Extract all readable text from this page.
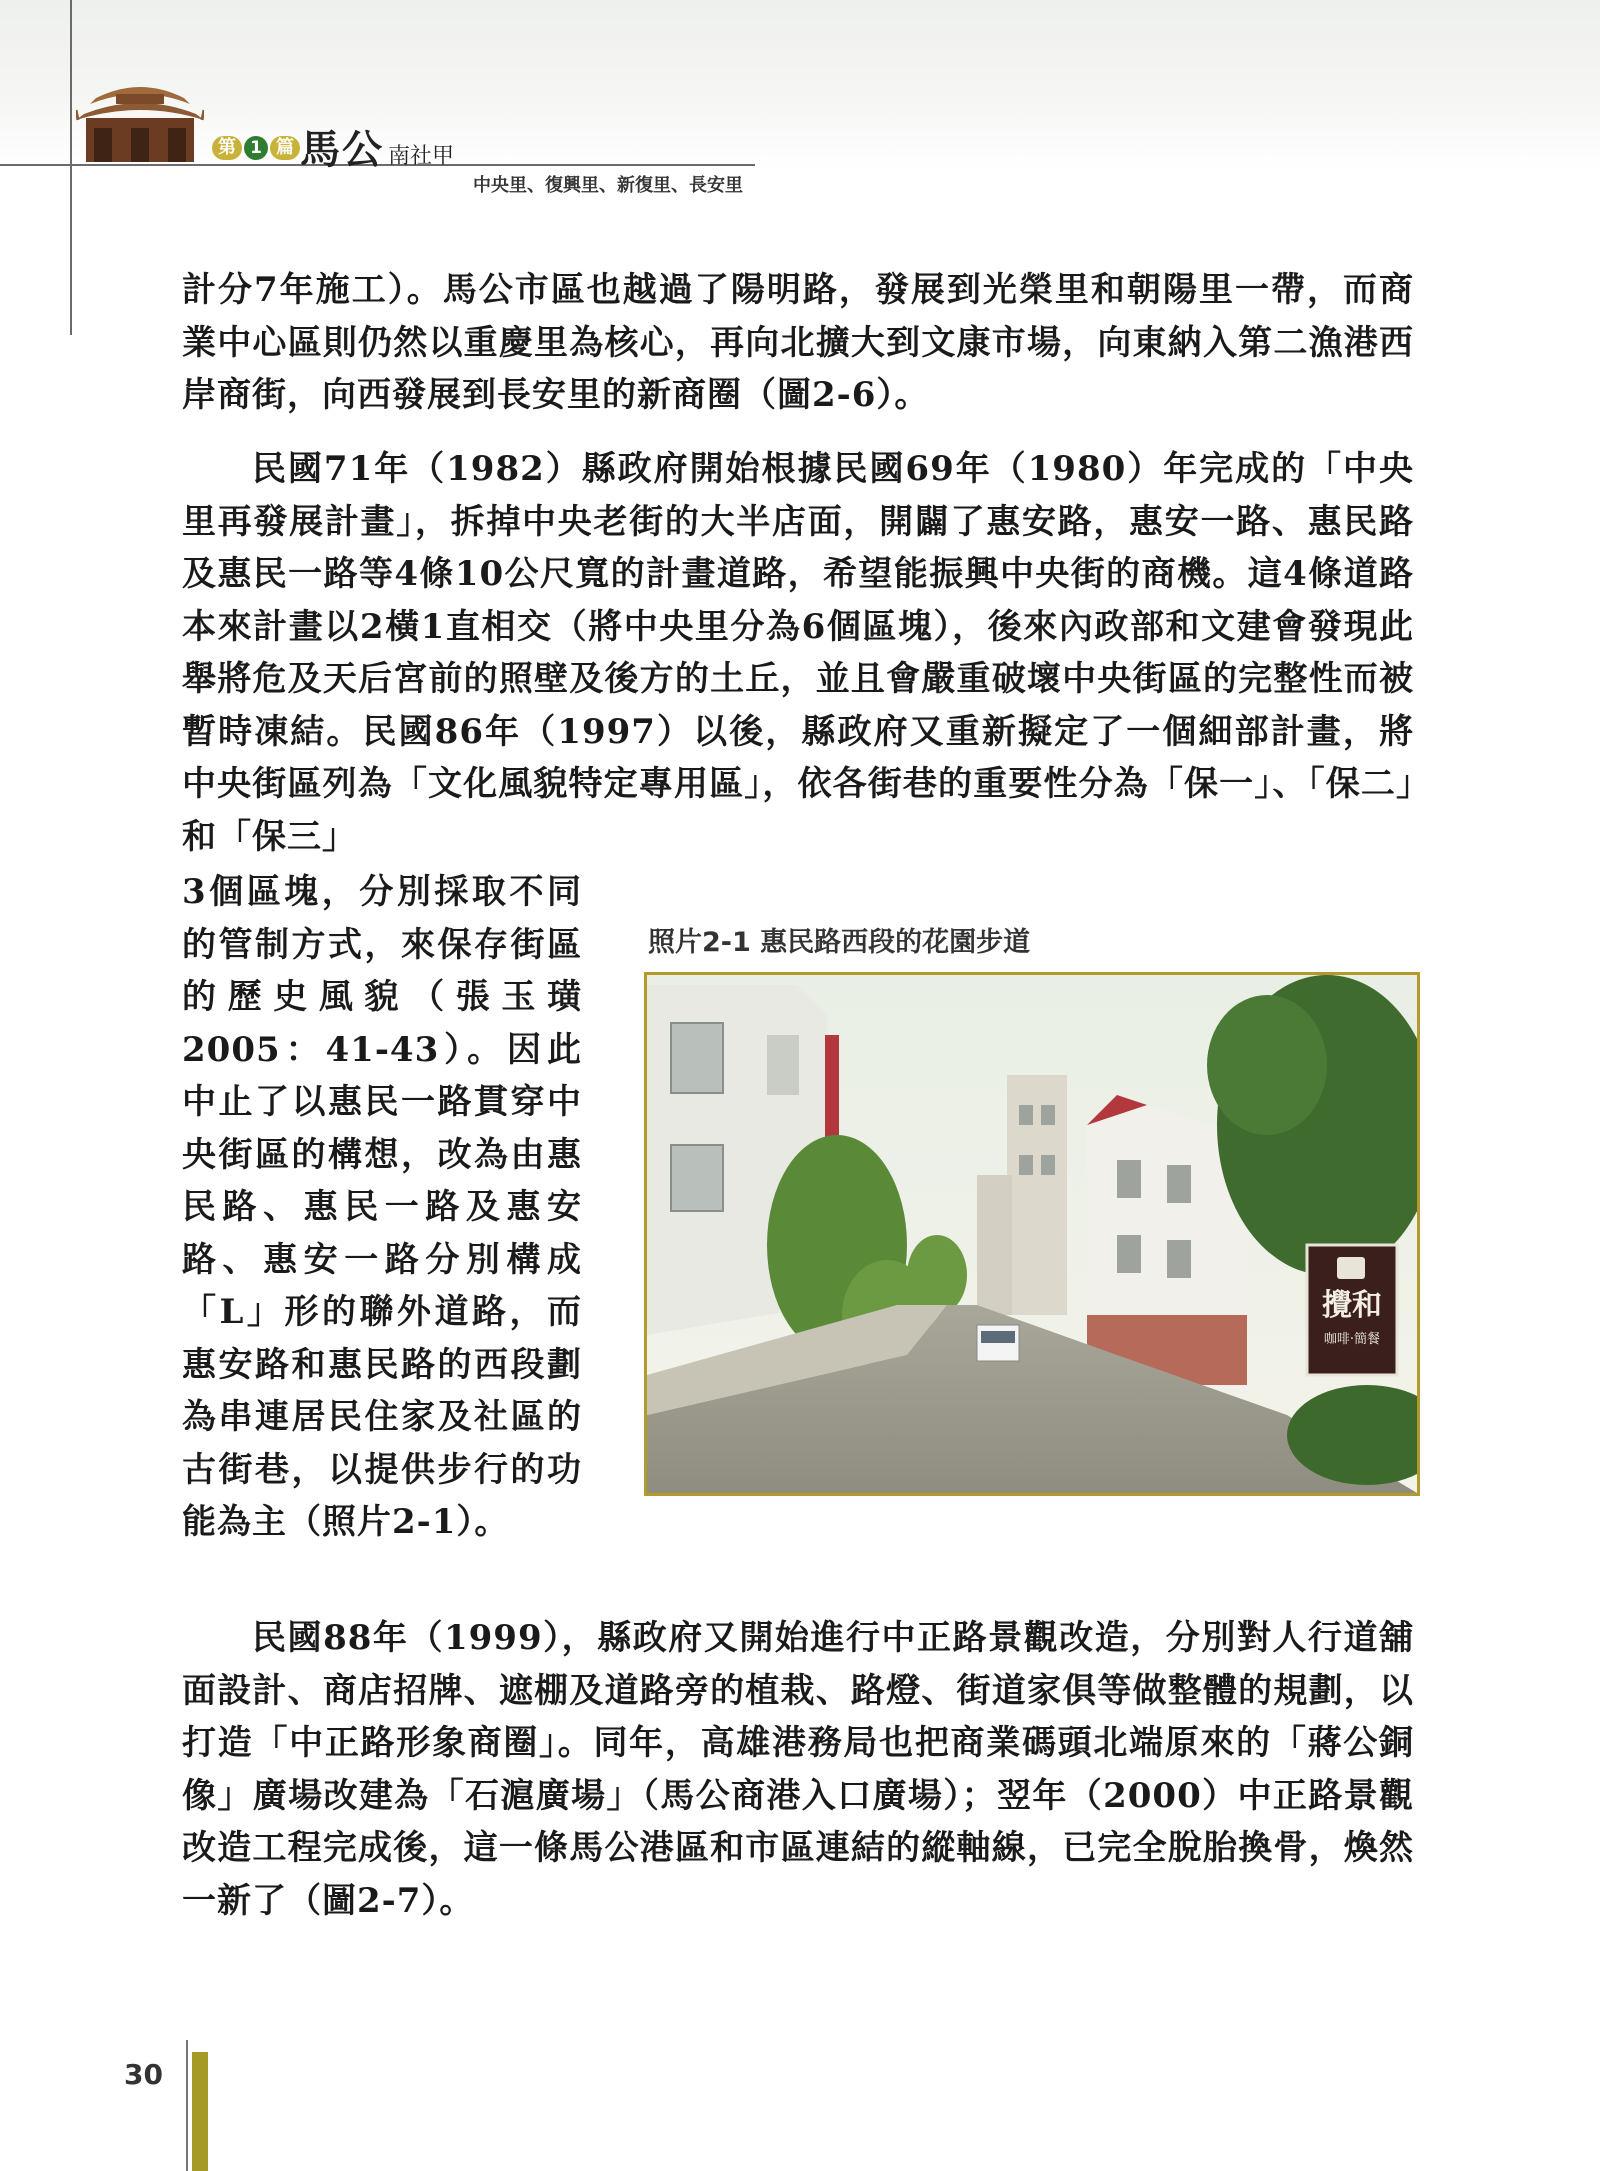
第 1 篇 馬公 南社甲
中央里、復興里、新復里、長安里

計分7年施工）。馬公市區也越過了陽明路，發展到光榮里和朝陽里一帶，而商業中心區則仍然以重慶里為核心，再向北擴大到文康市場，向東納入第二漁港西岸商街，向西發展到長安里的新商圈（圖2-6）。

民國71年（1982）縣政府開始根據民國69年（1980）年完成的「中央里再發展計畫」，拆掉中央老街的大半店面，開闢了惠安路，惠安一路、惠民路及惠民一路等4條10公尺寬的計畫道路，希望能振興中央街的商機。這4條道路本來計畫以2橫1直相交（將中央里分為6個區塊），後來內政部和文建會發現此舉將危及天后宮前的照壁及後方的土丘，並且會嚴重破壞中央街區的完整性而被暫時凍結。民國86年（1997）以後，縣政府又重新擬定了一個細部計畫，將中央街區列為「文化風貌特定專用區」，依各街巷的重要性分為「保一」、「保二」和「保三」

3個區塊，分別採取不同的管制方式，來保存街區的歷史風貌（張玉璜2005：41-43）。因此中止了以惠民一路貫穿中央街區的構想，改為由惠民路、惠民一路及惠安路、惠安一路分別構成「L」形的聯外道路，而惠安路和惠民路的西段劃為串連居民住家及社區的古街巷，以提供步行的功能為主（照片2-1）。

照片2-1 惠民路西段的花園步道
攪和
咖啡‧簡餐

民國88年（1999），縣政府又開始進行中正路景觀改造，分別對人行道舖面設計、商店招牌、遮棚及道路旁的植栽、路燈、街道家俱等做整體的規劃，以打造「中正路形象商圈」。同年，高雄港務局也把商業碼頭北端原來的「蔣公銅像」廣場改建為「石滬廣場」（馬公商港入口廣場）；翌年（2000）中正路景觀改造工程完成後，這一條馬公港區和市區連結的縱軸線，已完全脫胎換骨，煥然一新了（圖2-7）。

30
